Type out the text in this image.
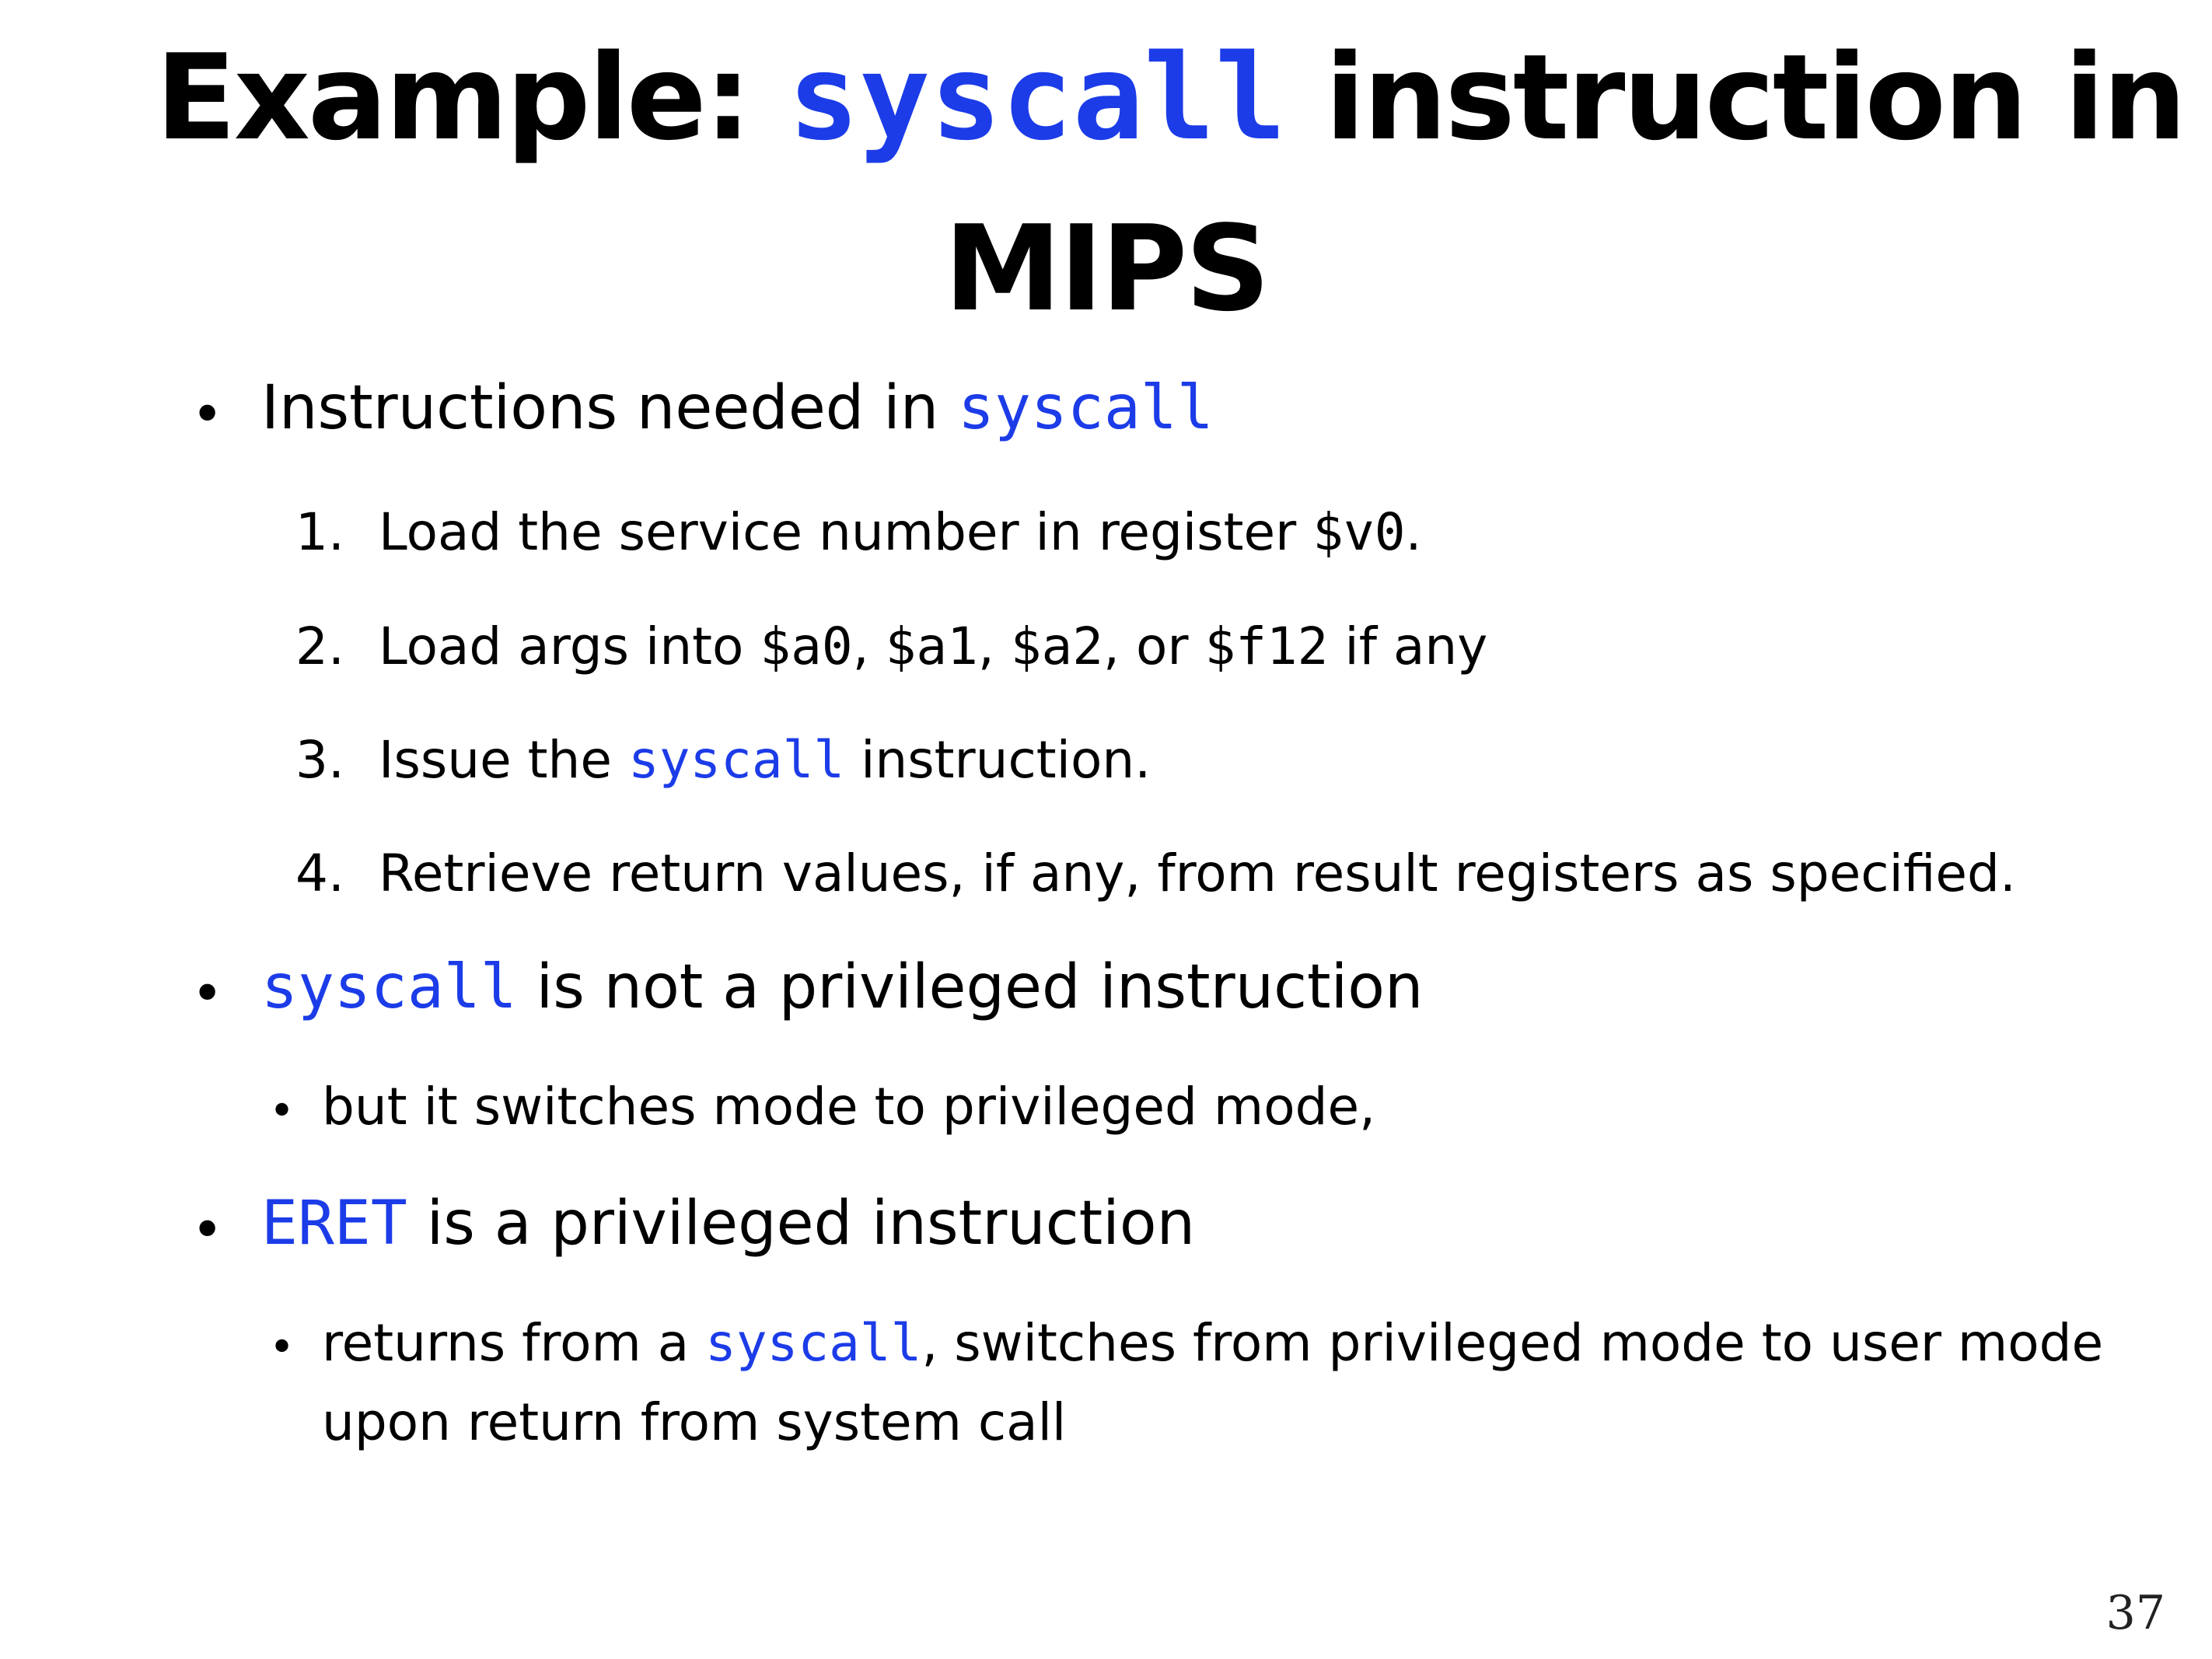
Example: syscall instruction in
MIPS
• Instructions needed in syscall
1. Load the service number in register $v0.
2. Load args into $a0, $a1, $a2, or $f12 if any
3. Issue the syscall instruction.
4. Retrieve return values, if any, from result registers as specified.
• syscall is not a privileged instruction
• but it switches mode to privileged mode,
• ERET is a privileged instruction
• returns from a syscall, switches from privileged mode to user mode
upon return from system call
37
